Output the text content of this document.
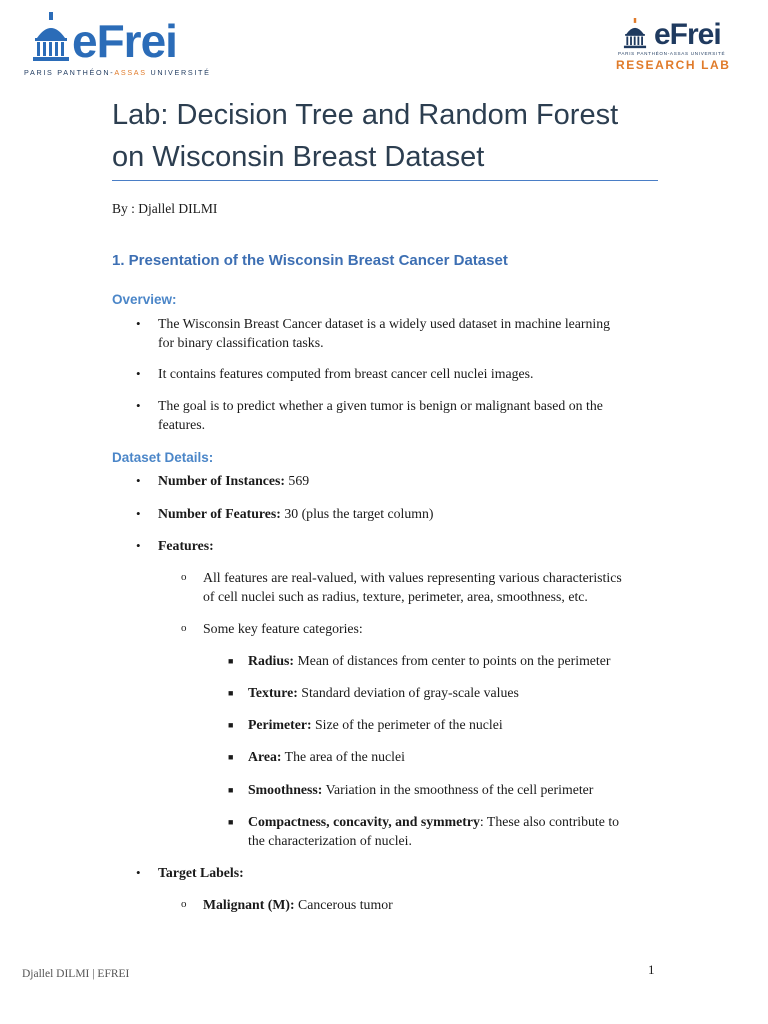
eFrei
PARIS PANTHÉON-ASSAS UNIVERSITÉ
eFrei
PARIS PANTHÉON-ASSAS UNIVERSITÉ
RESEARCH LAB
Lab: Decision Tree and Random Forest
on Wisconsin Breast Dataset
By : Djallel DILMI
1. Presentation of the Wisconsin Breast Cancer Dataset
Overview:
• The Wisconsin Breast Cancer dataset is a widely used dataset in machine learning
for binary classification tasks.
• It contains features computed from breast cancer cell nuclei images.
• The goal is to predict whether a given tumor is benign or malignant based on the
features.
Dataset Details:
• Number of Instances: 569
• Number of Features: 30 (plus the target column)
• Features:
o All features are real-valued, with values representing various characteristics
of cell nuclei such as radius, texture, perimeter, area, smoothness, etc.
o Some key feature categories:
■ Radius: Mean of distances from center to points on the perimeter
■ Texture: Standard deviation of gray-scale values
■ Perimeter: Size of the perimeter of the nuclei
■ Area: The area of the nuclei
■ Smoothness: Variation in the smoothness of the cell perimeter
■ Compactness, concavity, and symmetry: These also contribute to
the characterization of nuclei.
• Target Labels:
o Malignant (M): Cancerous tumor
Djallel DILMI | EFREI	1
